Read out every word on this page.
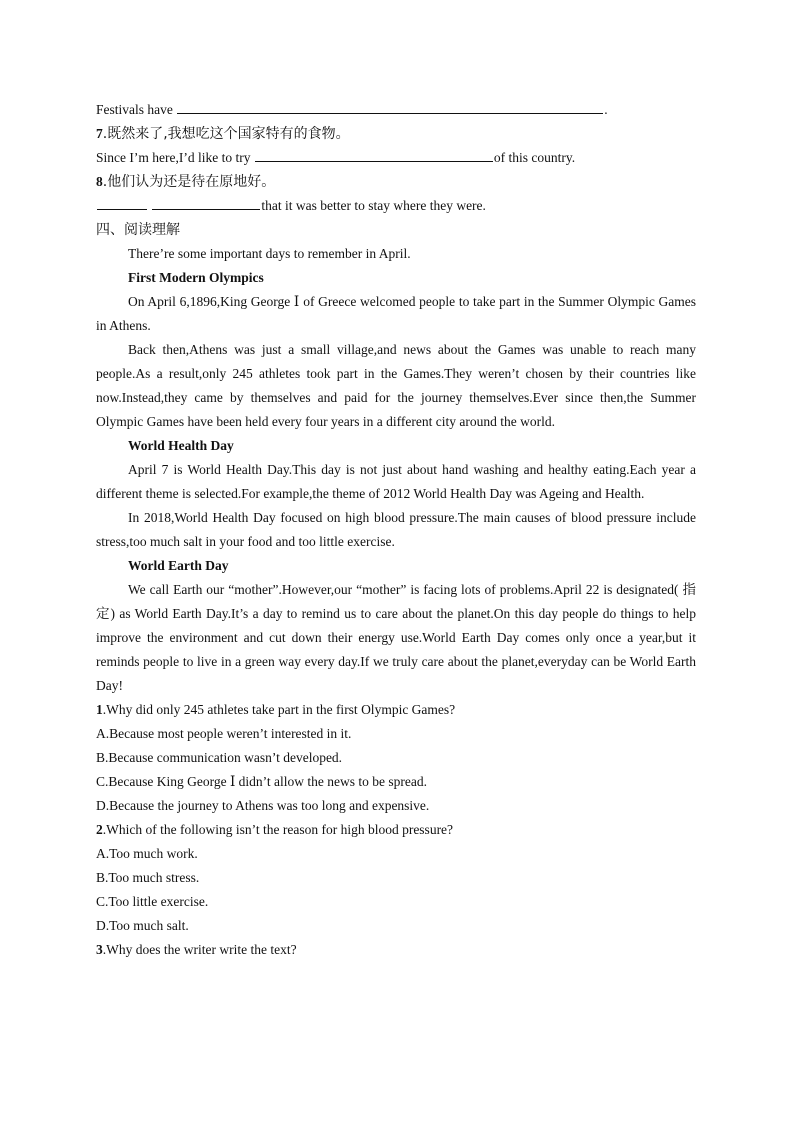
Festivals have	.
7.既然来了,我想吃这个国家特有的食物。
Since I’m here,I’d like to try	of this country.
8.他们认为还是待在原地好。
that it was better to stay where they were.
四、阅读理解
There’re some important days to remember in April.
First Modern Olympics
On April 6,1896,King George Ⅰ of Greece welcomed people to take part in the Summer Olympic Games in Athens.
Back then,Athens was just a small village,and news about the Games was unable to reach many people.As a result,only 245 athletes took part in the Games.They weren’t chosen by their countries like now.Instead,they came by themselves and paid for the journey themselves.Ever since then,the Summer Olympic Games have been held every four years in a different city around the world.
World Health Day
April 7 is World Health Day.This day is not just about hand washing and healthy eating.Each year a different theme is selected.For example,the theme of 2012 World Health Day was Ageing and Health.
In 2018,World Health Day focused on high blood pressure.The main causes of blood pressure include stress,too much salt in your food and too little exercise.
World Earth Day
We call Earth our “mother”.However,our “mother” is facing lots of problems.April 22 is designated( 指定) as World Earth Day.It’s a day to remind us to care about the planet.On this day people do things to help improve the environment and cut down their energy use.World Earth Day comes only once a year,but it reminds people to live in a green way every day.If we truly care about the planet,everyday can be World Earth Day!
1.Why did only 245 athletes take part in the first Olympic Games?
A.Because most people weren’t interested in it.
B.Because communication wasn’t developed.
C.Because King George Ⅰ didn’t allow the news to be spread.
D.Because the journey to Athens was too long and expensive.
2.Which of the following isn’t the reason for high blood pressure?
A.Too much work.
B.Too much stress.
C.Too little exercise.
D.Too much salt.
3.Why does the writer write the text?
